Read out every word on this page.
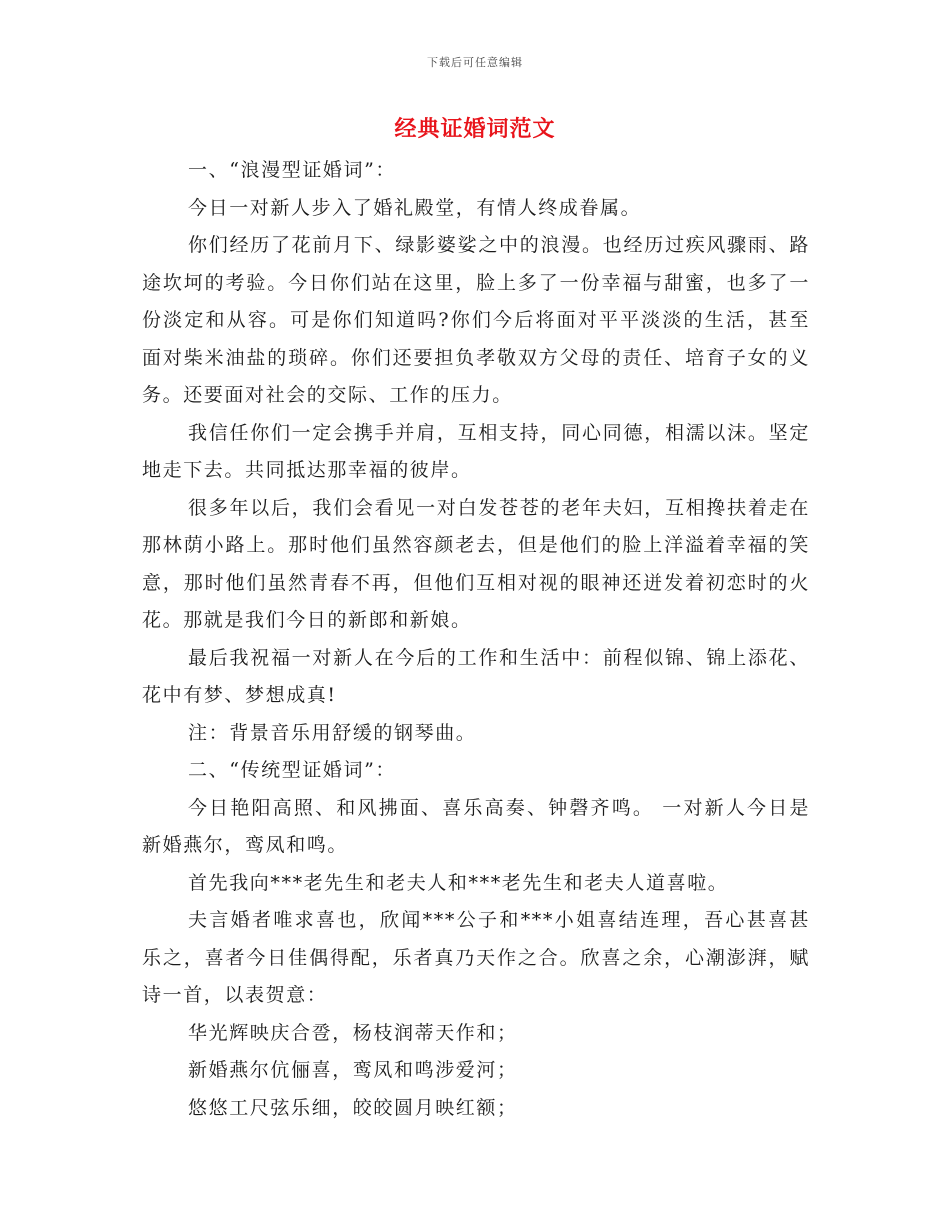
下载后可任意编辑
经典证婚词范文

一、“浪漫型证婚词”：

今日一对新人步入了婚礼殿堂，有情人终成眷属。

你们经历了花前月下、绿影婆娑之中的浪漫。也经历过疾风骤雨、路途坎坷的考验。今日你们站在这里，脸上多了一份幸福与甜蜜，也多了一份淡定和从容。可是你们知道吗?你们今后将面对平平淡淡的生活，甚至面对柴米油盐的琐碎。你们还要担负孝敬双方父母的责任、培育子女的义务。还要面对社会的交际、工作的压力。

我信任你们一定会携手并肩，互相支持，同心同德，相濡以沫。坚定地走下去。共同抵达那幸福的彼岸。

很多年以后，我们会看见一对白发苍苍的老年夫妇，互相搀扶着走在那林荫小路上。那时他们虽然容颜老去，但是他们的脸上洋溢着幸福的笑意，那时他们虽然青春不再，但他们互相对视的眼神还迸发着初恋时的火花。那就是我们今日的新郎和新娘。

最后我祝福一对新人在今后的工作和生活中：前程似锦、锦上添花、花中有梦、梦想成真!

注：背景音乐用舒缓的钢琴曲。

二、“传统型证婚词”：

今日艳阳高照、和风拂面、喜乐高奏、钟磬齐鸣。 一对新人今日是新婚燕尔，鸾凤和鸣。

首先我向***老先生和老夫人和***老先生和老夫人道喜啦。

夫言婚者唯求喜也，欣闻***公子和***小姐喜结连理，吾心甚喜甚乐之，喜者今日佳偶得配，乐者真乃天作之合。欣喜之余，心潮澎湃，赋诗一首，以表贺意：

华光辉映庆合卺，杨枝润蒂天作和；

新婚燕尔伉俪喜，鸾凤和鸣涉爱河；

悠悠工尺弦乐细，皎皎圆月映红额；
